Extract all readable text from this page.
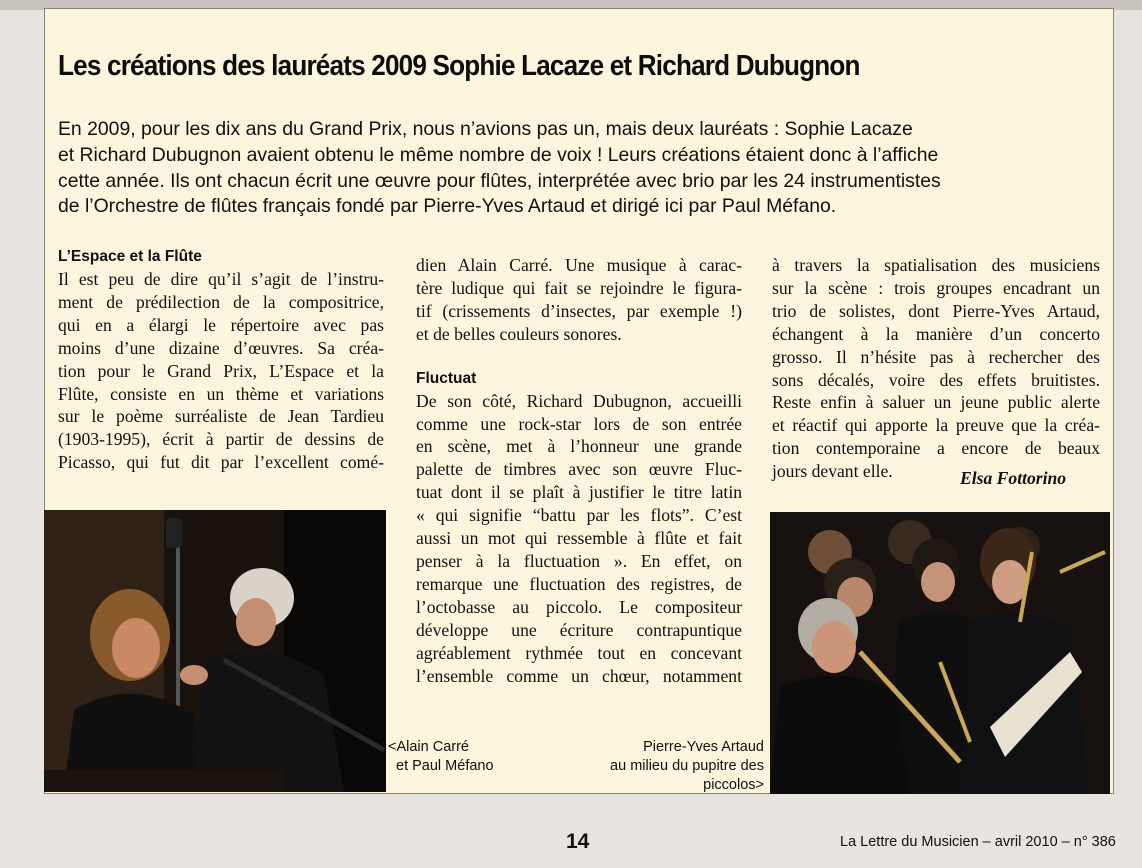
Les créations des lauréats 2009 Sophie Lacaze et Richard Dubugnon
En 2009, pour les dix ans du Grand Prix, nous n’avions pas un, mais deux lauréats : Sophie Lacaze
et Richard Dubugnon avaient obtenu le même nombre de voix ! Leurs créations étaient donc à l’affiche
cette année. Ils ont chacun écrit une œuvre pour flûtes, interprétée avec brio par les 24 instrumentistes
de l’Orchestre de flûtes français fondé par Pierre-Yves Artaud et dirigé ici par Paul Méfano.
L’Espace et la Flûte
Il est peu de dire qu’il s’agit de l’instru-
ment de prédilection de la compositrice,
qui en a élargi le répertoire avec pas
moins d’une dizaine d’œuvres. Sa créa-
tion pour le Grand Prix, L’Espace et la
Flûte, consiste en un thème et variations
sur le poème surréaliste de Jean Tardieu
(1903-1995), écrit à partir de dessins de
Picasso, qui fut dit par l’excellent comé-
dien Alain Carré. Une musique à carac-
tère ludique qui fait se rejoindre le figura-
tif (crissements d’insectes, par exemple !)
et de belles couleurs sonores.
Fluctuat
De son côté, Richard Dubugnon, accueilli
comme une rock-star lors de son entrée
en scène, met à l’honneur une grande
palette de timbres avec son œuvre Fluc-
tuat dont il se plaît à justifier le titre latin
« qui signifie “battu par les flots”. C’est
aussi un mot qui ressemble à flûte et fait
penser à la fluctuation ». En effet, on
remarque une fluctuation des registres, de
l’octobasse au piccolo. Le compositeur
développe une écriture contrapuntique
agréablement rythmée tout en concevant
l’ensemble comme un chœur, notamment
à travers la spatialisation des musiciens
sur la scène : trois groupes encadrant un
trio de solistes, dont Pierre-Yves Artaud,
échangent à la manière d’un concerto
grosso. Il n’hésite pas à rechercher des
sons décalés, voire des effets bruitistes.
Reste enfin à saluer un jeune public alerte
et réactif qui apporte la preuve que la créa-
tion contemporaine a encore de beaux
jours devant elle.	Elsa Fottorino
<Alain Carré
et Paul Méfano
Pierre-Yves Artaud
au milieu du pupitre des piccolos>
14	La Lettre du Musicien – avril 2010 – n° 386
